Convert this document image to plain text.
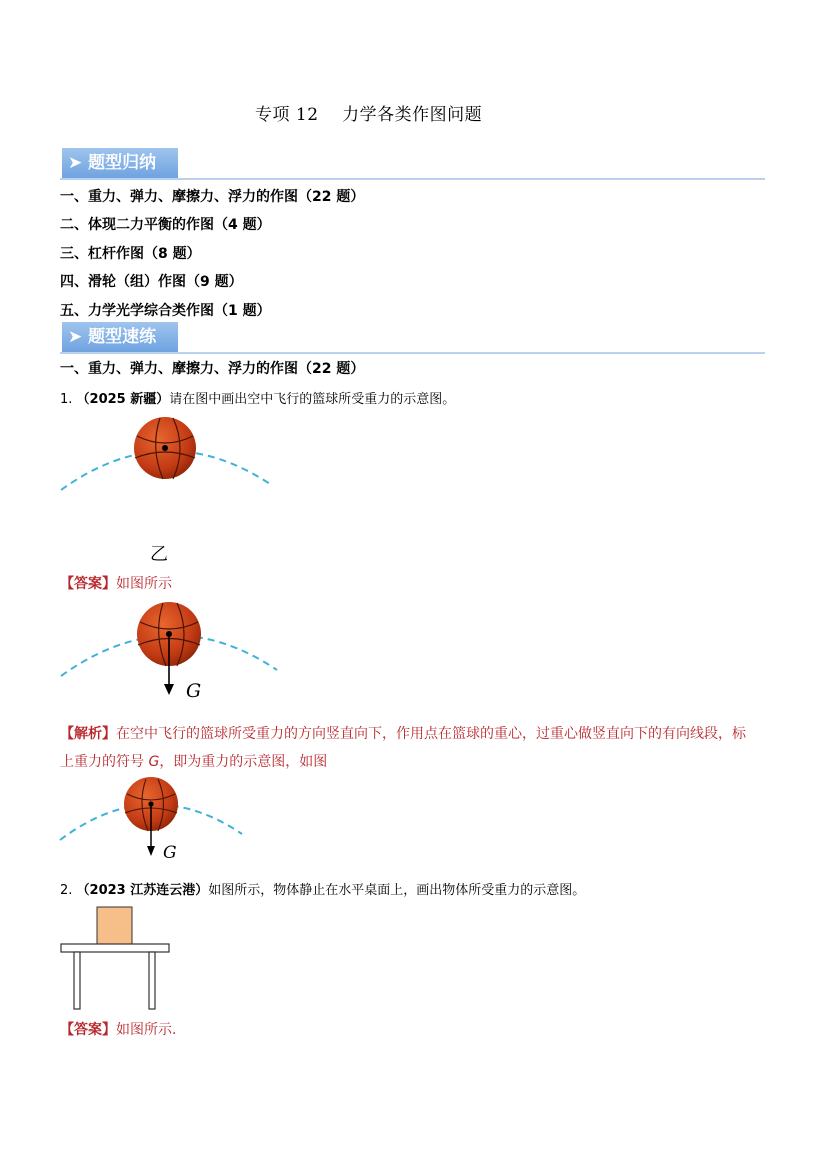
专项 12    力学各类作图问题
➤ 题型归纳
一、重力、弹力、摩擦力、浮力的作图（22 题）
二、体现二力平衡的作图（4 题）
三、杠杆作图（8 题）
四、滑轮（组）作图（9 题）
五、力学光学综合类作图（1 题）
➤ 题型速练
一、重力、弹力、摩擦力、浮力的作图（22 题）
1. （2025 新疆）请在图中画出空中飞行的篮球所受重力的示意图。
乙
【答案】如图所示
G
【解析】在空中飞行的篮球所受重力的方向竖直向下，作用点在篮球的重心，过重心做竖直向下的有向线段，标
上重力的符号 G，即为重力的示意图，如图
G
2. （2023 江苏连云港）如图所示，物体静止在水平桌面上，画出物体所受重力的示意图。
【答案】如图所示.
